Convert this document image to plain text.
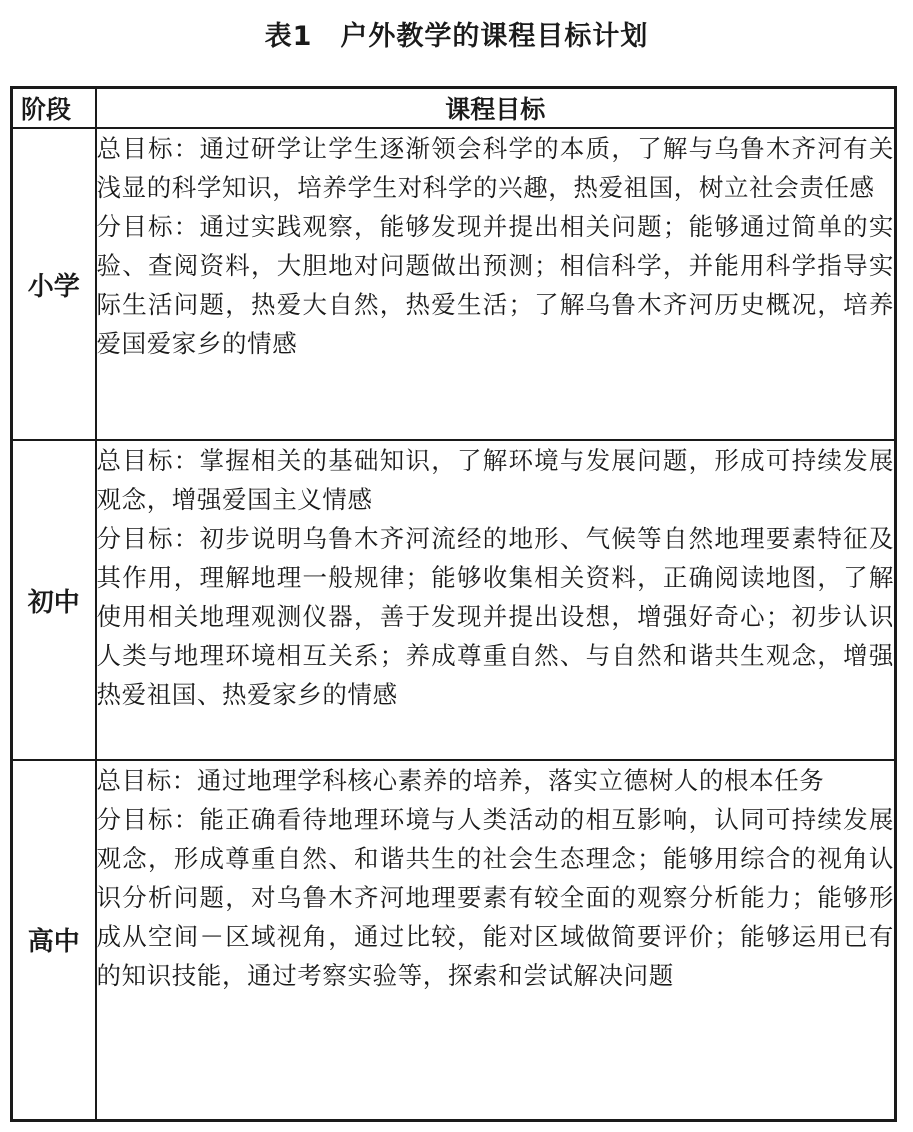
表1　户外教学的课程目标计划
阶段	课程目标
小学	总目标：通过研学让学生逐渐领会科学的本质，了解与乌鲁木齐河有关浅显的科学知识，培养学生对科学的兴趣，热爱祖国，树立社会责任感

分目标：通过实践观察，能够发现并提出相关问题；能够通过简单的实验、查阅资料，大胆地对问题做出预测；相信科学，并能用科学指导实际生活问题，热爱大自然，热爱生活；了解乌鲁木齐河历史概况，培养爱国爱家乡的情感

初中	总目标：掌握相关的基础知识，了解环境与发展问题，形成可持续发展观念，增强爱国主义情感

分目标：初步说明乌鲁木齐河流经的地形、气候等自然地理要素特征及其作用，理解地理一般规律；能够收集相关资料，正确阅读地图，了解使用相关地理观测仪器，善于发现并提出设想，增强好奇心；初步认识人类与地理环境相互关系；养成尊重自然、与自然和谐共生观念，增强热爱祖国、热爱家乡的情感

高中	总目标：通过地理学科核心素养的培养，落实立德树人的根本任务

分目标：能正确看待地理环境与人类活动的相互影响，认同可持续发展观念，形成尊重自然、和谐共生的社会生态理念；能够用综合的视角认识分析问题，对乌鲁木齐河地理要素有较全面的观察分析能力；能够形成从空间－区域视角，通过比较，能对区域做简要评价；能够运用已有的知识技能，通过考察实验等，探索和尝试解决问题
